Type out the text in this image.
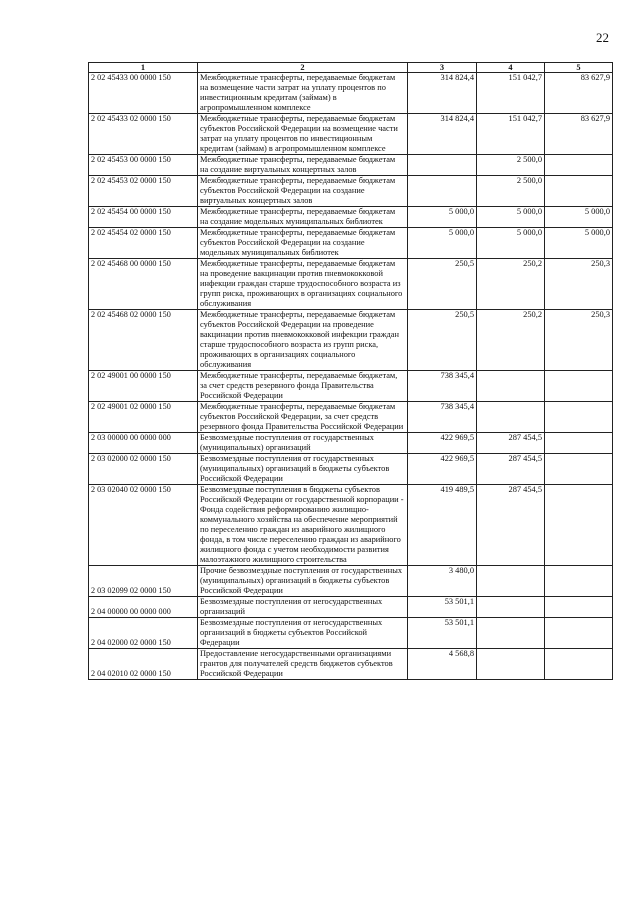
22
1	2	3	4	5
2 02 45433 00 0000 150	Межбюджетные трансферты, передаваемые бюджетам на возмещение части затрат на уплату процентов по инвестиционным кредитам (займам) в агропромышленном комплексе	314 824,4	151 042,7	83 627,9
2 02 45433 02 0000 150	Межбюджетные трансферты, передаваемые бюджетам субъектов Российской Федерации на возмещение части затрат на уплату процентов по инвестиционным кредитам (займам) в агропромышленном комплексе	314 824,4	151 042,7	83 627,9
2 02 45453 00 0000 150	Межбюджетные трансферты, передаваемые бюджетам на создание виртуальных концертных залов		2 500,0	
2 02 45453 02 0000 150	Межбюджетные трансферты, передаваемые бюджетам субъектов Российской Федерации на создание виртуальных концертных залов		2 500,0	
2 02 45454 00 0000 150	Межбюджетные трансферты, передаваемые бюджетам на создание модельных муниципальных библиотек	5 000,0	5 000,0	5 000,0
2 02 45454 02 0000 150	Межбюджетные трансферты, передаваемые бюджетам субъектов Российской Федерации на создание модельных муниципальных библиотек	5 000,0	5 000,0	5 000,0
2 02 45468 00 0000 150	Межбюджетные трансферты, передаваемые бюджетам на проведение вакцинации против пневмококковой инфекции граждан старше трудоспособного возраста из групп риска, проживающих в организациях социального обслуживания	250,5	250,2	250,3
2 02 45468 02 0000 150	Межбюджетные трансферты, передаваемые бюджетам субъектов Российской Федерации на проведение вакцинации против пневмококковой инфекции граждан старше трудоспособного возраста из групп риска, проживающих в организациях социального обслуживания	250,5	250,2	250,3
2 02 49001 00 0000 150	Межбюджетные трансферты, передаваемые бюджетам, за счет средств резервного фонда Правительства Российской Федерации	738 345,4		
2 02 49001 02 0000 150	Межбюджетные трансферты, передаваемые бюджетам субъектов Российской Федерации, за счет средств резервного фонда Правительства Российской Федерации	738 345,4		
2 03 00000 00 0000 000	Безвозмездные поступления от государственных (муниципальных) организаций	422 969,5	287 454,5	
2 03 02000 02 0000 150	Безвозмездные поступления от государственных (муниципальных) организаций в бюджеты субъектов Российской Федерации	422 969,5	287 454,5	
2 03 02040 02 0000 150	Безвозмездные поступления в бюджеты субъектов Российской Федерации от государственной корпорации - Фонда содействия реформированию жилищно-коммунального хозяйства на обеспечение мероприятий по переселению граждан из аварийного жилищного фонда, в том числе переселению граждан из аварийного жилищного фонда с учетом необходимости развития малоэтажного жилищного строительства	419 489,5	287 454,5	
2 03 02099 02 0000 150	Прочие безвозмездные поступления от государственных (муниципальных) организаций в бюджеты субъектов Российской Федерации	3 480,0		
2 04 00000 00 0000 000	Безвозмездные поступления от негосударственных организаций	53 501,1		
2 04 02000 02 0000 150	Безвозмездные поступления от негосударственных организаций в бюджеты субъектов Российской Федерации	53 501,1		
2 04 02010 02 0000 150	Предоставление негосударственными организациями грантов для получателей средств бюджетов субъектов Российской Федерации	4 568,8		
